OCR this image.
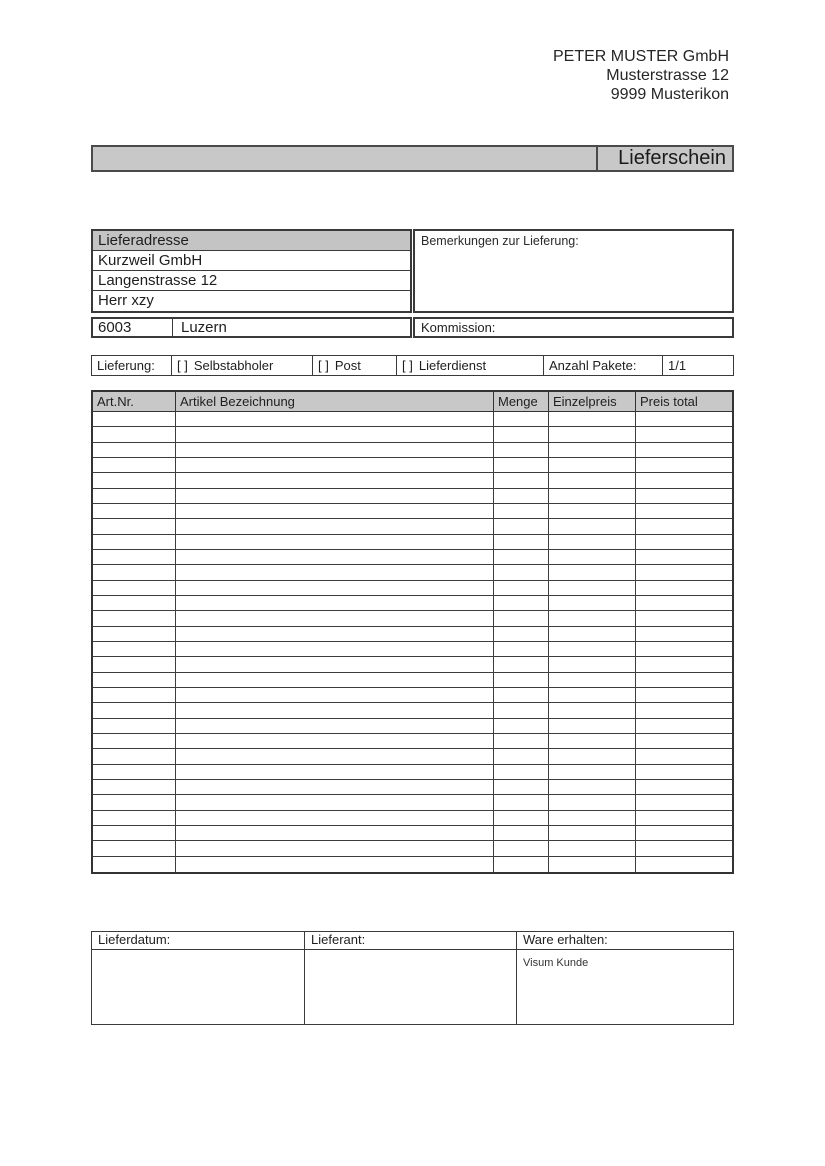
PETER MUSTER GmbH
Musterstrasse 12
9999 Musterikon
Lieferschein
Lieferadresse
Kurzweil GmbH
Langenstrasse 12
Herr xzy
6003	Luzern
Bemerkungen zur Lieferung:
Kommission:
Lieferung:	[ ] Selbstabholer	[ ] Post	[ ] Lieferdienst	Anzahl Pakete:	1/1
Art.Nr.	Artikel Bezeichnung	Menge	Einzelpreis	Preis total
Lieferdatum:	Lieferant:	Ware erhalten:
Visum Kunde
